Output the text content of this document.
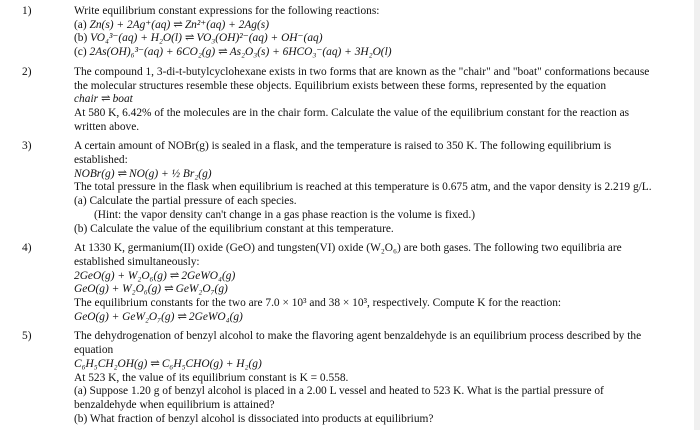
1)	Write equilibrium constant expressions for the following reactions:
(a) Zn(s) + 2Ag⁺(aq) ⇌ Zn²⁺(aq) + 2Ag(s)
(b) VO₄³⁻(aq) + H₂O(l) ⇌ VO₃(OH)²⁻(aq) + OH⁻(aq)
(c) 2As(OH)₆³⁻(aq) + 6CO₂(g) ⇌ As₂O₃(s) + 6HCO₃⁻(aq) + 3H₂O(l)
2)	The compound 1, 3-di-t-butylcyclohexane exists in two forms that are known as the "chair" and "boat" conformations because the molecular structures resemble these objects. Equilibrium exists between these forms, represented by the equation
chair ⇌ boat
At 580 K, 6.42% of the molecules are in the chair form. Calculate the value of the equilibrium constant for the reaction as written above.
3)	A certain amount of NOBr(g) is sealed in a flask, and the temperature is raised to 350 K. The following equilibrium is established:
NOBr(g) ⇌ NO(g) + ½ Br₂(g)
The total pressure in the flask when equilibrium is reached at this temperature is 0.675 atm, and the vapor density is 2.219 g/L.
(a) Calculate the partial pressure of each species.
(Hint: the vapor density can't change in a gas phase reaction is the volume is fixed.)
(b) Calculate the value of the equilibrium constant at this temperature.
4)	At 1330 K, germanium(II) oxide (GeO) and tungsten(VI) oxide (W₂O₆) are both gases. The following two equilibria are established simultaneously:
2GeO(g) + W₂O₆(g) ⇌ 2GeWO₄(g)
GeO(g) + W₂O₆(g) ⇌ GeW₂O₇(g)
The equilibrium constants for the two are 7.0 × 10³ and 38 × 10³, respectively. Compute K for the reaction:
GeO(g) + GeW₂O₇(g) ⇌ 2GeWO₄(g)
5)	The dehydrogenation of benzyl alcohol to make the flavoring agent benzaldehyde is an equilibrium process described by the equation
C₆H₅CH₂OH(g) ⇌ C₆H₅CHO(g) + H₂(g)
At 523 K, the value of its equilibrium constant is K = 0.558.
(a) Suppose 1.20 g of benzyl alcohol is placed in a 2.00 L vessel and heated to 523 K. What is the partial pressure of benzaldehyde when equilibrium is attained?
(b) What fraction of benzyl alcohol is dissociated into products at equilibrium?
